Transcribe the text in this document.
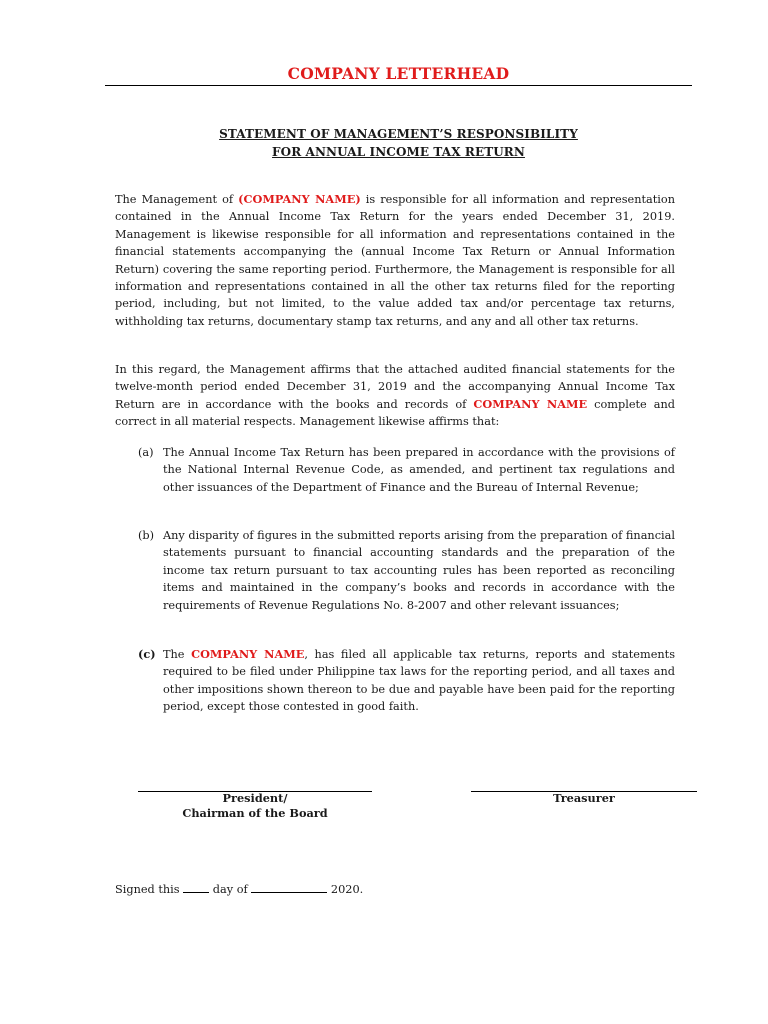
COMPANY LETTERHEAD
STATEMENT OF MANAGEMENT’S RESPONSIBILITY
FOR ANNUAL INCOME TAX RETURN

The Management of (COMPANY NAME) is responsible for all information and representation contained in the Annual Income Tax Return for the years ended December 31, 2019. Management is likewise responsible for all information and representations contained in the financial statements accompanying the (annual Income Tax Return or Annual Information Return) covering the same reporting period. Furthermore, the Management is responsible for all information and representations contained in all the other tax returns filed for the reporting period, including, but not limited, to the value added tax and/or percentage tax returns, withholding tax returns, documentary stamp tax returns, and any and all other tax returns.

In this regard, the Management affirms that the attached audited financial statements for the twelve-month period ended December 31, 2019 and the accompanying Annual Income Tax Return are in accordance with the books and records of COMPANY NAME complete and correct in all material respects. Management likewise affirms that:

(a) The Annual Income Tax Return has been prepared in accordance with the provisions of the National Internal Revenue Code, as amended, and pertinent tax regulations and other issuances of the Department of Finance and the Bureau of Internal Revenue;

(b) Any disparity of figures in the submitted reports arising from the preparation of financial statements pursuant to financial accounting standards and the preparation of the income tax return pursuant to tax accounting rules has been reported as reconciling items and maintained in the company’s books and records in accordance with the requirements of Revenue Regulations No. 8-2007 and other relevant issuances;

(c) The COMPANY NAME, has filed all applicable tax returns, reports and statements required to be filed under Philippine tax laws for the reporting period, and all taxes and other impositions shown thereon to be due and payable have been paid for the reporting period, except those contested in good faith.

President/
Chairman of the Board
Treasurer
Signed this  day of	2020.
